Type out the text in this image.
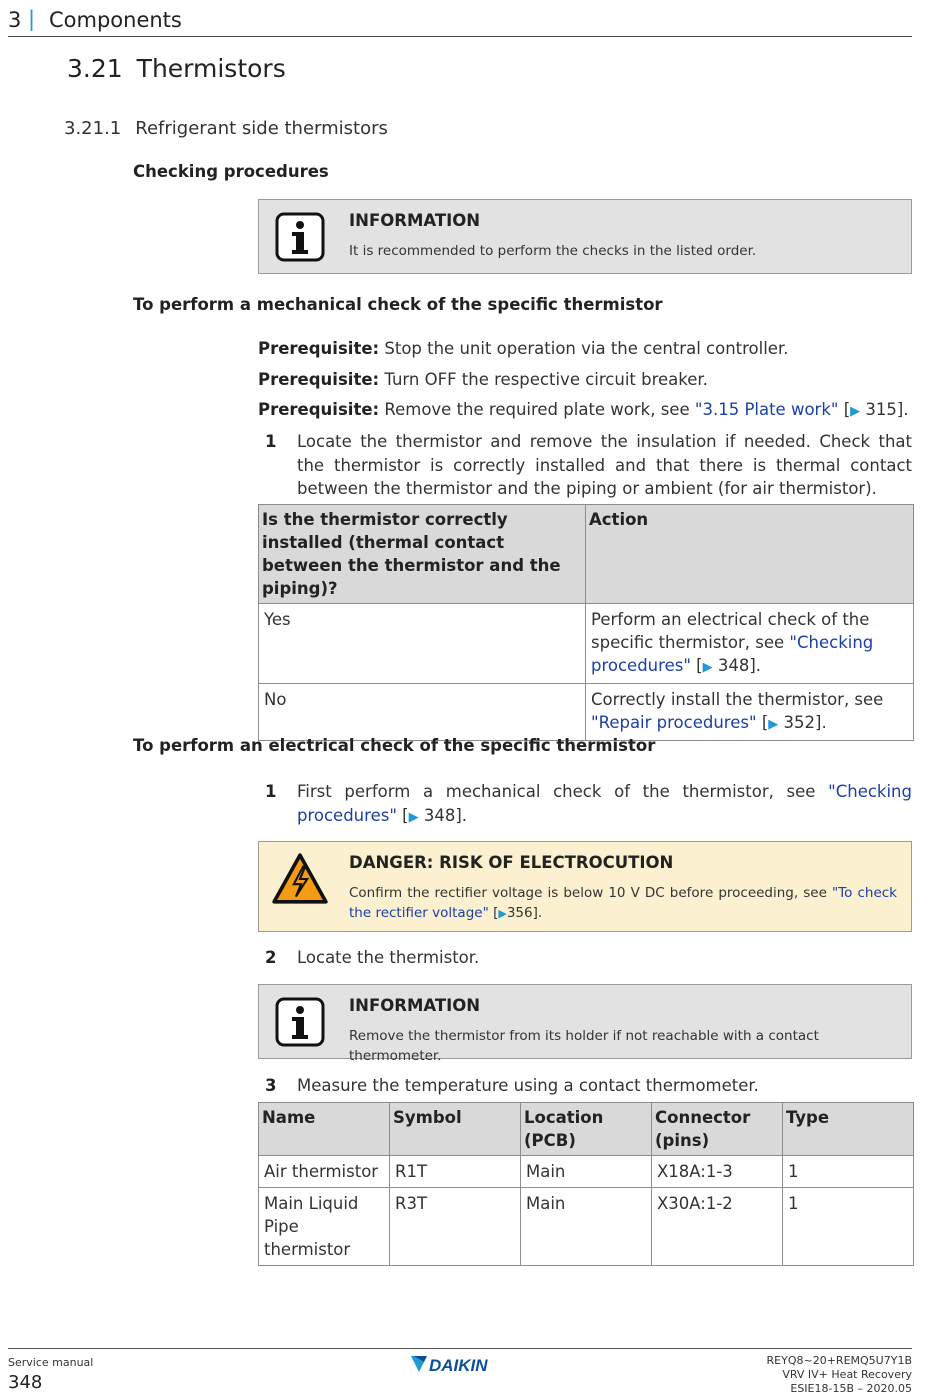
3 | Components
3.21 Thermistors
3.21.1 Refrigerant side thermistors
Checking procedures
INFORMATION
It is recommended to perform the checks in the listed order.
To perform a mechanical check of the specific thermistor
Prerequisite: Stop the unit operation via the central controller.
Prerequisite: Turn OFF the respective circuit breaker.
Prerequisite: Remove the required plate work, see "3.15 Plate work" [▶ 315].
1 Locate the thermistor and remove the insulation if needed. Check that the thermistor is correctly installed and that there is thermal contact between the thermistor and the piping or ambient (for air thermistor).
Is the thermistor correctly installed (thermal contact between the thermistor and the piping)?	Action
Yes	Perform an electrical check of the specific thermistor, see "Checking procedures" [▶ 348].
No	Correctly install the thermistor, see "Repair procedures" [▶ 352].
To perform an electrical check of the specific thermistor
1 First perform a mechanical check of the thermistor, see "Checking procedures" [▶ 348].
DANGER: RISK OF ELECTROCUTION
Confirm the rectifier voltage is below 10 V DC before proceeding, see "To check the rectifier voltage" [▶356].
2 Locate the thermistor.
INFORMATION
Remove the thermistor from its holder if not reachable with a contact thermometer.
3 Measure the temperature using a contact thermometer.
Name	Symbol	Location (PCB)	Connector (pins)	Type
Air thermistor	R1T	Main	X18A:1-3	1
Main Liquid Pipe thermistor	R3T	Main	X30A:1-2	1
Service manual
348
DAIKIN	REYQ8~20+REMQ5U7Y1B
VRV IV+ Heat Recovery
ESIE18-15B – 2020.05
